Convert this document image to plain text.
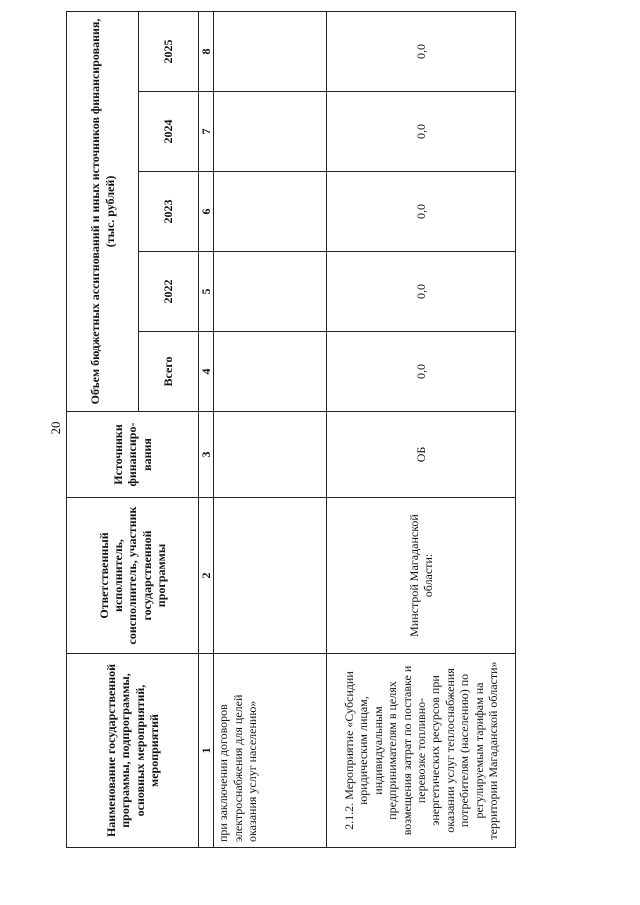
20
Наименование государственной программы, подпрограммы, основных мероприятий, мероприятий	Ответственный исполнитель, соисполнитель, участник государственной программы	Источники финансиро-вания	Объем бюджетных ассигнований и иных источников финансирования, (тыс. рублей)				
			Всего	2022	2023	2024	2025
1	2	3	4	5	6	7	8
при заключении договоров электроснабжения для целей оказания услуг населению»							
2.1.2. Мероприятие «Субсидии юридическим лицам, индивидуальным предпринимателям в целях возмещения затрат по поставке и перевозке топливно-энергетических ресурсов при оказании услуг теплоснабжения потребителям (населению) по регулируемым тарифам на территории Магаданской области»	Минстрой Магаданской области:	ОБ	0,0	0,0	0,0	0,0	0,0
